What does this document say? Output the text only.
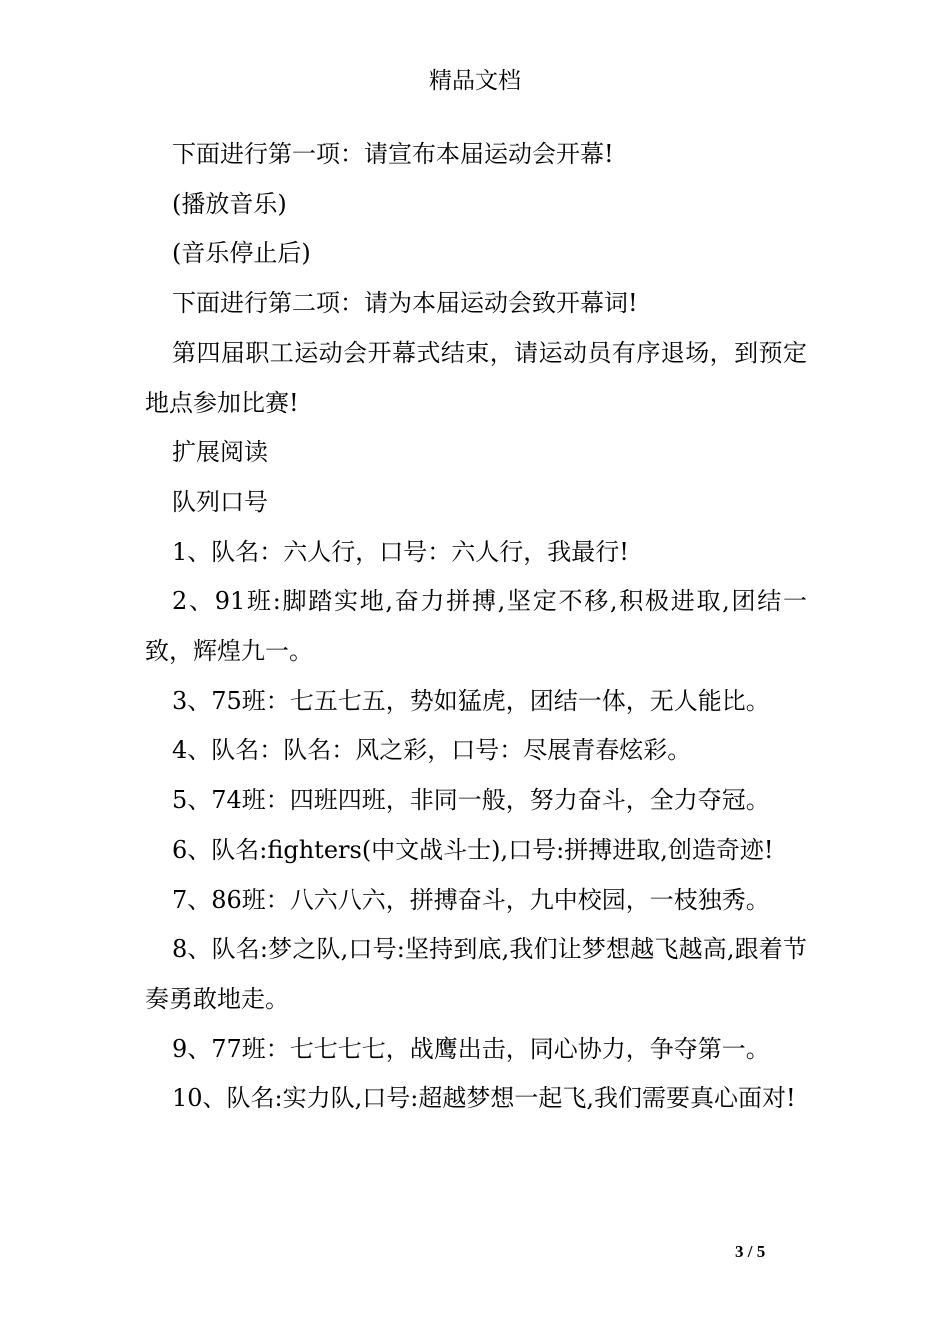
精品文档

下面进行第一项：请宣布本届运动会开幕!

(播放音乐)

(音乐停止后)

下面进行第二项：请为本届运动会致开幕词!

第四届职工运动会开幕式结束，请运动员有序退场，到预定地点参加比赛!

扩展阅读

队列口号

1、队名：六人行，口号：六人行，我最行!

2、91班:脚踏实地,奋力拼搏,坚定不移,积极进取,团结一致，辉煌九一。

3、75班：七五七五，势如猛虎，团结一体，无人能比。

4、队名：队名：风之彩，口号：尽展青春炫彩。

5、74班：四班四班，非同一般，努力奋斗，全力夺冠。

6、队名:fighters(中文战斗士),口号:拼搏进取,创造奇迹!

7、86班：八六八六，拼搏奋斗，九中校园，一枝独秀。

8、队名:梦之队,口号:坚持到底,我们让梦想越飞越高,跟着节奏勇敢地走。

9、77班：七七七七，战鹰出击，同心协力，争夺第一。

10、队名:实力队,口号:超越梦想一起飞,我们需要真心面对!

3 / 5
